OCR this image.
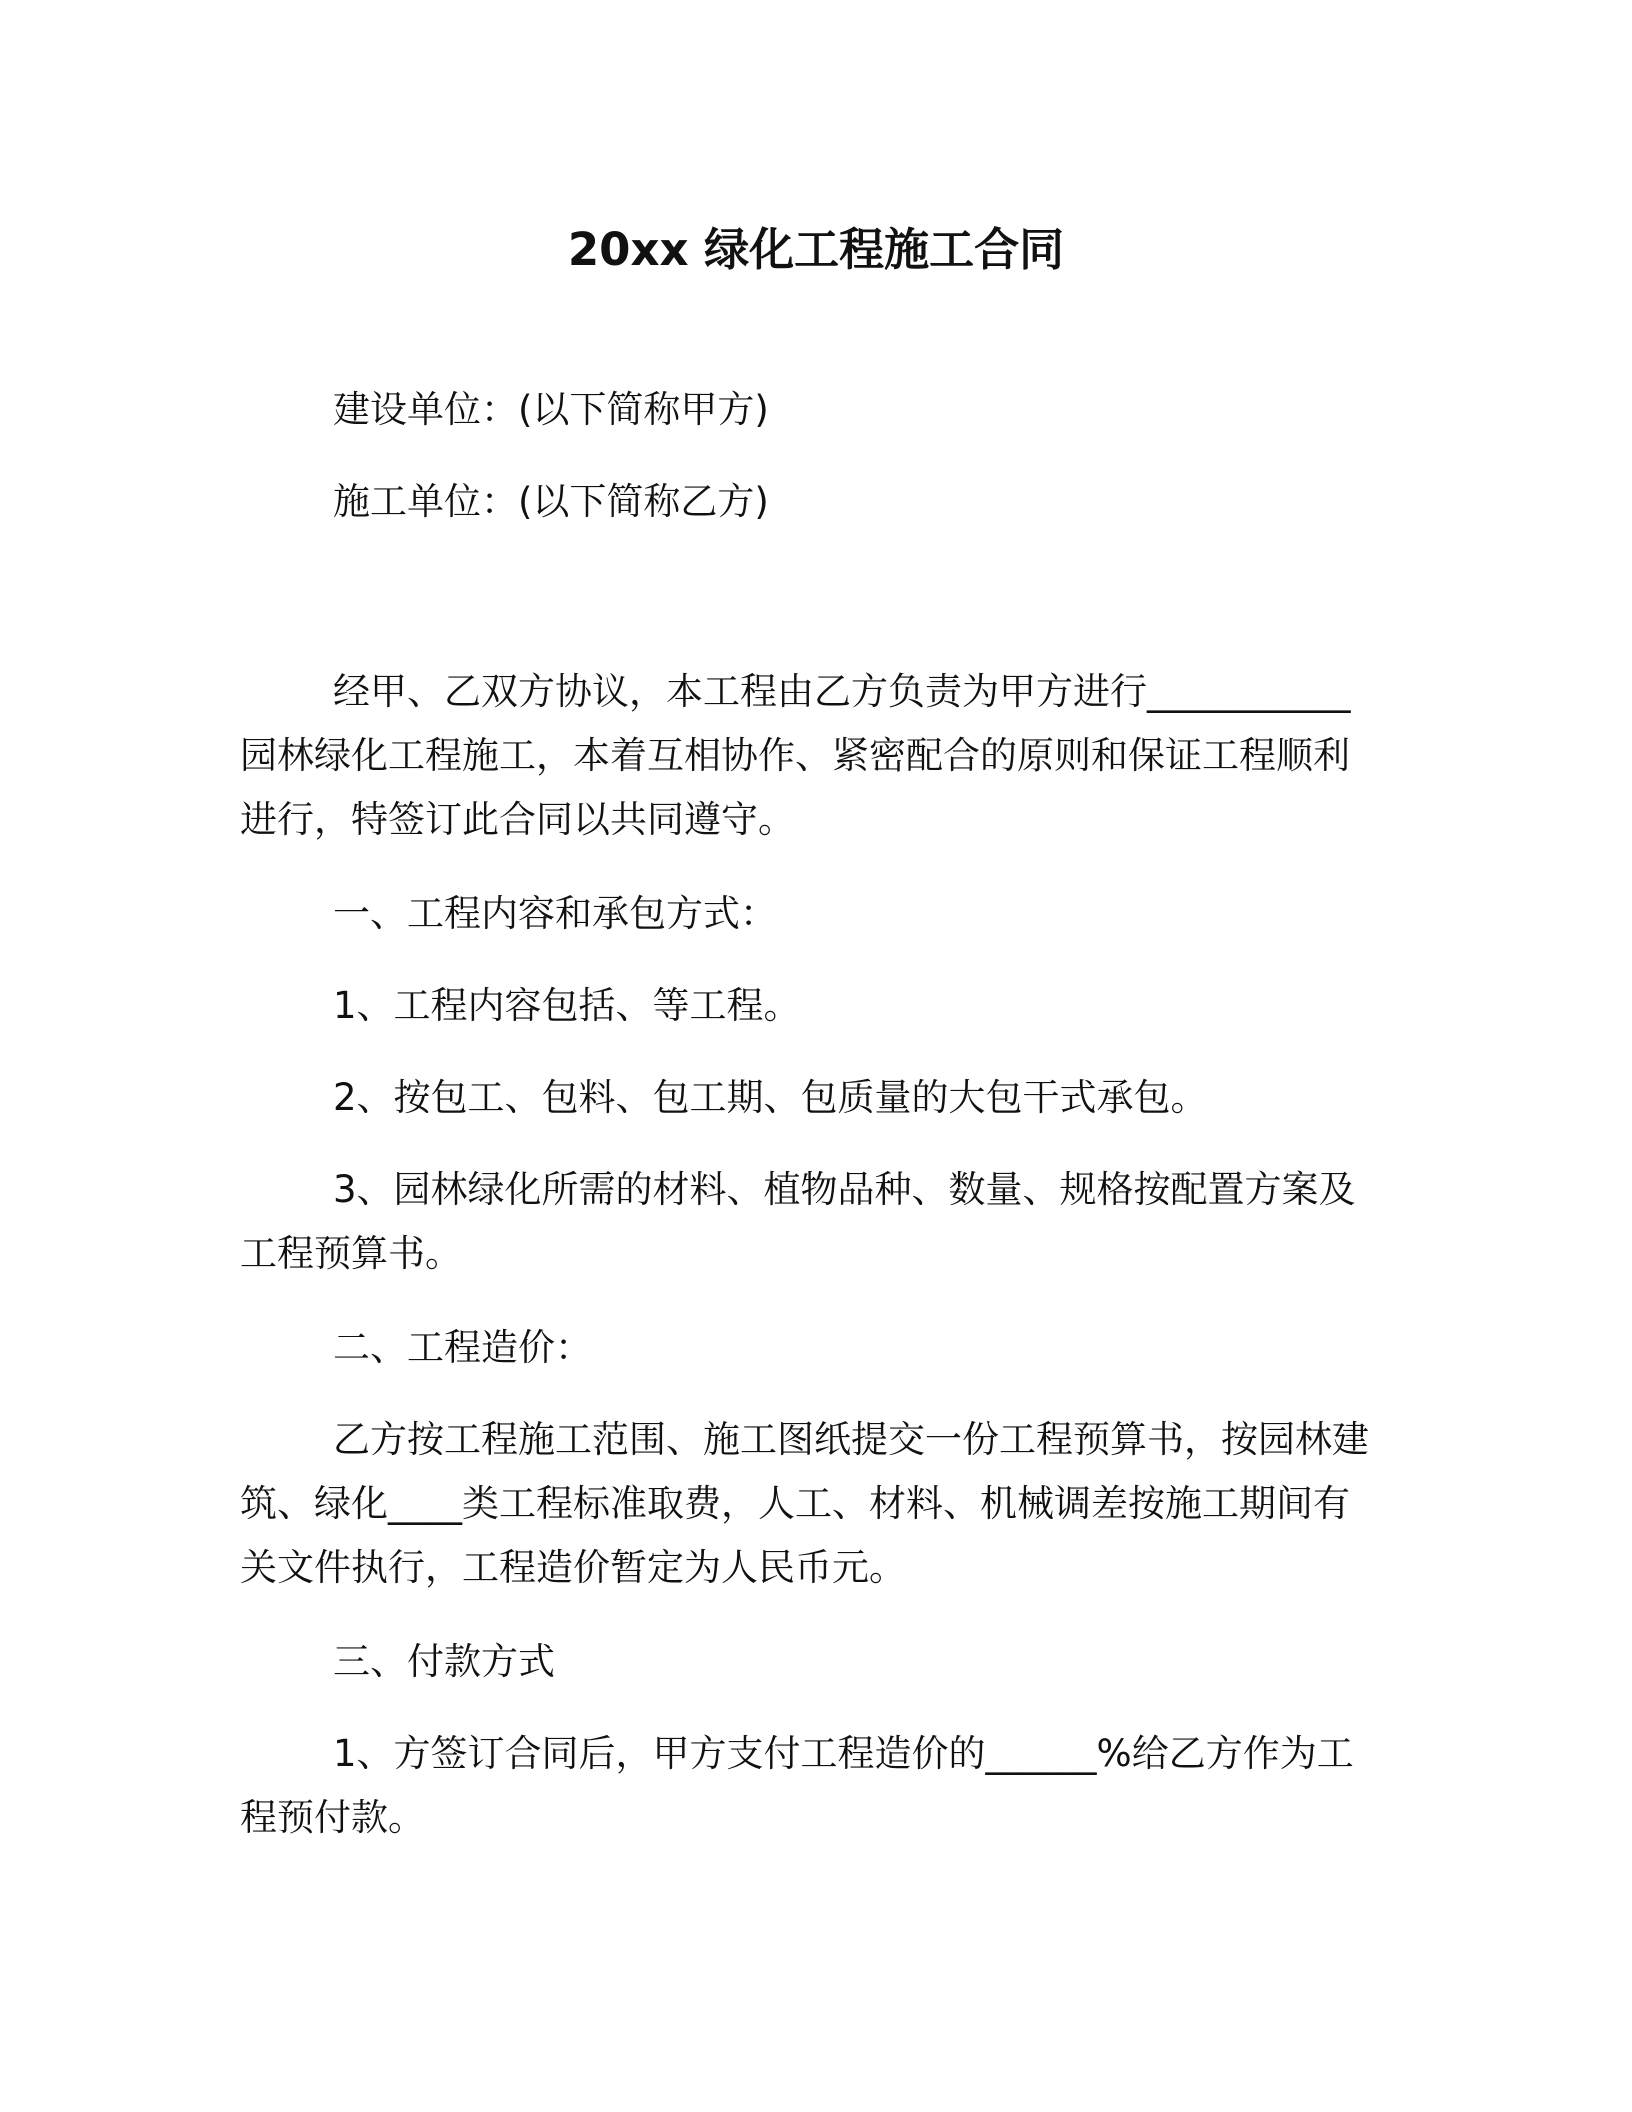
20xx 绿化工程施工合同

建设单位：(以下简称甲方)

施工单位：(以下简称乙方)

经甲、乙双方协议，本工程由乙方负责为甲方进行___________

园林绿化工程施工，本着互相协作、紧密配合的原则和保证工程顺利

进行，特签订此合同以共同遵守。

一、工程内容和承包方式：

1、工程内容包括、等工程。

2、按包工、包料、包工期、包质量的大包干式承包。

3、园林绿化所需的材料、植物品种、数量、规格按配置方案及

工程预算书。

二、工程造价：

乙方按工程施工范围、施工图纸提交一份工程预算书，按园林建

筑、绿化____类工程标准取费，人工、材料、机械调差按施工期间有

关文件执行，工程造价暂定为人民币元。

三、付款方式

1、方签订合同后，甲方支付工程造价的______%给乙方作为工

程预付款。
